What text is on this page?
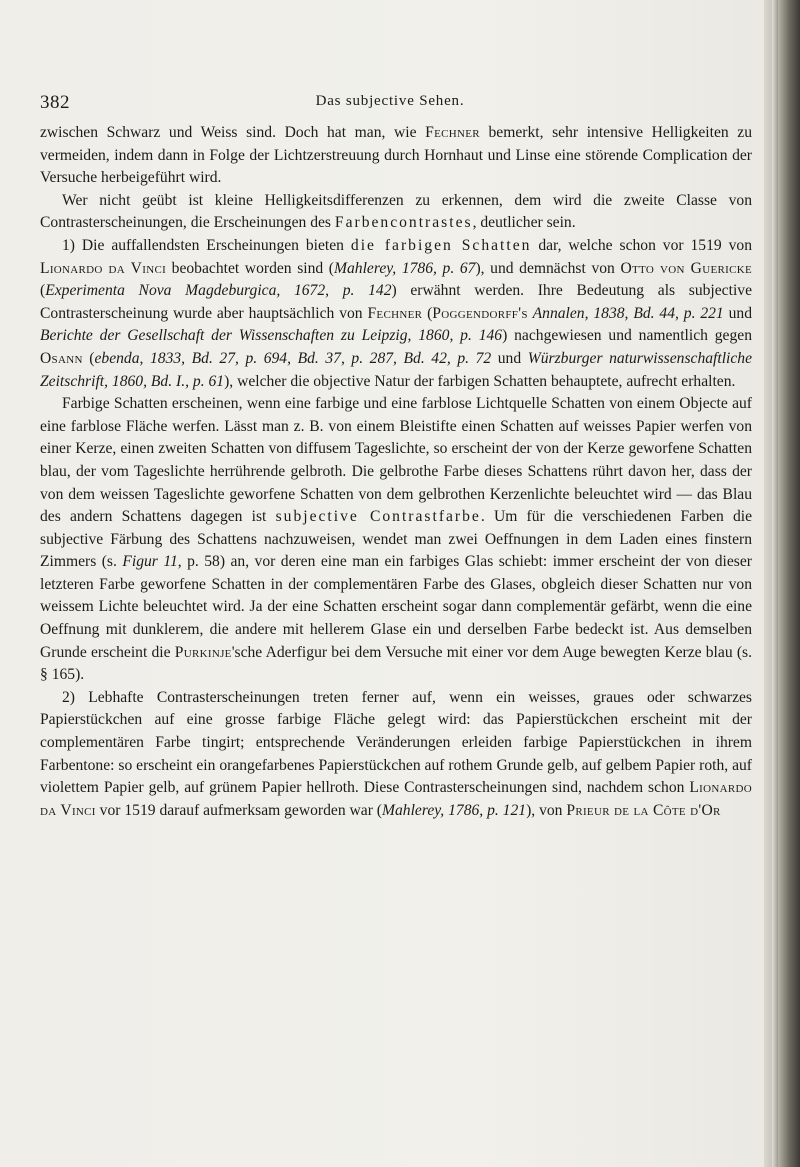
382	Das subjective Sehen.

zwischen Schwarz und Weiss sind. Doch hat man, wie Fechner bemerkt, sehr intensive Helligkeiten zu vermeiden, indem dann in Folge der Lichtzerstreuung durch Hornhaut und Linse eine störende Complication der Versuche herbeigeführt wird.

Wer nicht geübt ist kleine Helligkeitsdifferenzen zu erkennen, dem wird die zweite Classe von Contrasterscheinungen, die Erscheinungen des Farbencontrastes, deutlicher sein.

1) Die auffallendsten Erscheinungen bieten die farbigen Schatten dar, welche schon vor 1519 von Lionardo da Vinci beobachtet worden sind (Mahlerey, 1786, p. 67), und demnächst von Otto von Guericke (Experimenta Nova Magdeburgica, 1672, p. 142) erwähnt werden. Ihre Bedeutung als subjective Contrasterscheinung wurde aber hauptsächlich von Fechner (Poggendorff's Annalen, 1838, Bd. 44, p. 221 und Berichte der Gesellschaft der Wissenschaften zu Leipzig, 1860, p. 146) nachgewiesen und namentlich gegen Osann (ebenda, 1833, Bd. 27, p. 694, Bd. 37, p. 287, Bd. 42, p. 72 und Würzburger naturwissenschaftliche Zeitschrift, 1860, Bd. I., p. 61), welcher die objective Natur der farbigen Schatten behauptete, aufrecht erhalten.

Farbige Schatten erscheinen, wenn eine farbige und eine farblose Lichtquelle Schatten von einem Objecte auf eine farblose Fläche werfen. Lässt man z. B. von einem Bleistifte einen Schatten auf weisses Papier werfen von einer Kerze, einen zweiten Schatten von diffusem Tageslichte, so erscheint der von der Kerze geworfene Schatten blau, der vom Tageslichte herrührende gelbroth. Die gelbrothe Farbe dieses Schattens rührt davon her, dass der von dem weissen Tageslichte geworfene Schatten von dem gelbrothen Kerzenlichte beleuchtet wird — das Blau des andern Schattens dagegen ist subjective Contrastfarbe. Um für die verschiedenen Farben die subjective Färbung des Schattens nachzuweisen, wendet man zwei Oeffnungen in dem Laden eines finstern Zimmers (s. Figur 11, p. 58) an, vor deren eine man ein farbiges Glas schiebt: immer erscheint der von dieser letzteren Farbe geworfene Schatten in der complementären Farbe des Glases, obgleich dieser Schatten nur von weissem Lichte beleuchtet wird. Ja der eine Schatten erscheint sogar dann complementär gefärbt, wenn die eine Oeffnung mit dunklerem, die andere mit hellerem Glase ein und derselben Farbe bedeckt ist. Aus demselben Grunde erscheint die Purkinje'sche Aderfigur bei dem Versuche mit einer vor dem Auge bewegten Kerze blau (s. § 165).

2) Lebhafte Contrasterscheinungen treten ferner auf, wenn ein weisses, graues oder schwarzes Papierstückchen auf eine grosse farbige Fläche gelegt wird: das Papierstückchen erscheint mit der complementären Farbe tingirt; entsprechende Veränderungen erleiden farbige Papierstückchen in ihrem Farbentone: so erscheint ein orangefarbenes Papierstückchen auf rothem Grunde gelb, auf gelbem Papier roth, auf violettem Papier gelb, auf grünem Papier hellroth. Diese Contrasterscheinungen sind, nachdem schon Lionardo da Vinci vor 1519 darauf aufmerksam geworden war (Mahlerey, 1786, p. 121), von Prieur de la Côte d'Or
